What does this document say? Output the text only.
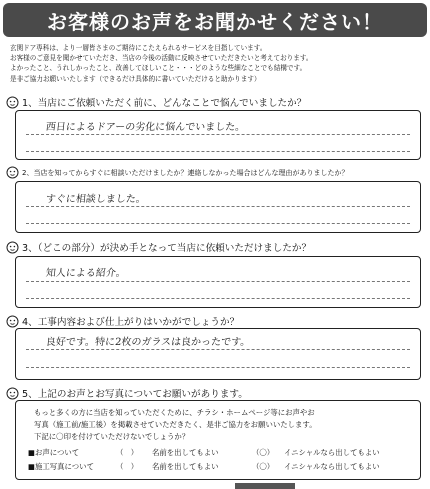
お客様のお声をお聞かせください！
玄関ドア専科は、より一層皆さまのご期待にこたえられるサービスを目指しています。
お客様のご意見を聞かせていただき、当店の今後の活動に反映させていただきたいと考えております。
よかったこと、うれしかったこと、改善してほしいこと・・・どのような些細なことでも結構です。
是非ご協力お願いいたします（できるだけ具体的に書いていただけると助かります）
1、当店にご依頼いただく前に、どんなことで悩んでいましたか？
西日によるドアーの劣化に悩んでいました。
2、当店を知ってからすぐに相談いただけましたか？連絡しなかった場合はどんな理由がありましたか？
すぐに相談しました。
3、（どこの部分）が決め手となって当店に依頼いただけましたか？
知人による紹介。
4、工事内容および仕上がりはいかがでしょうか？
良好です。特に2枚のガラスは良かったです。
5、上記のお声とお写真についてお願いがあります。
もっと多くの方に当店を知っていただくために、チラシ・ホームページ等にお声やお
写真（施工前/施工後）を掲載させていただきたく、是非ご協力をお願いいたします。
下記に〇印を付けていただけないでしょうか？
■お声について	（　）	名前を出してもよい	（〇）	イニシャルなら出してもよい
■施工写真について	（　）	名前を出してもよい	（〇）	イニシャルなら出してもよい
